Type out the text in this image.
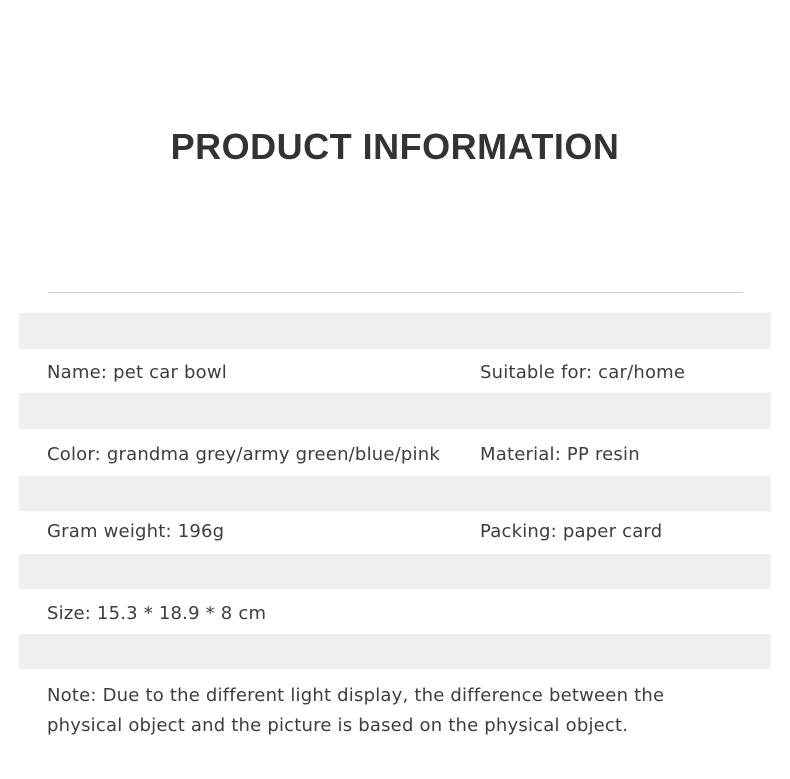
PRODUCT INFORMATION
Name: pet car bowl	Suitable for: car/home
Color: grandma grey/army green/blue/pink Material: PP resin
Gram weight: 196g	Packing: paper card
Size: 15.3 * 18.9 * 8 cm
Note: Due to the different light display, the difference between the
physical object and the picture is based on the physical object.
